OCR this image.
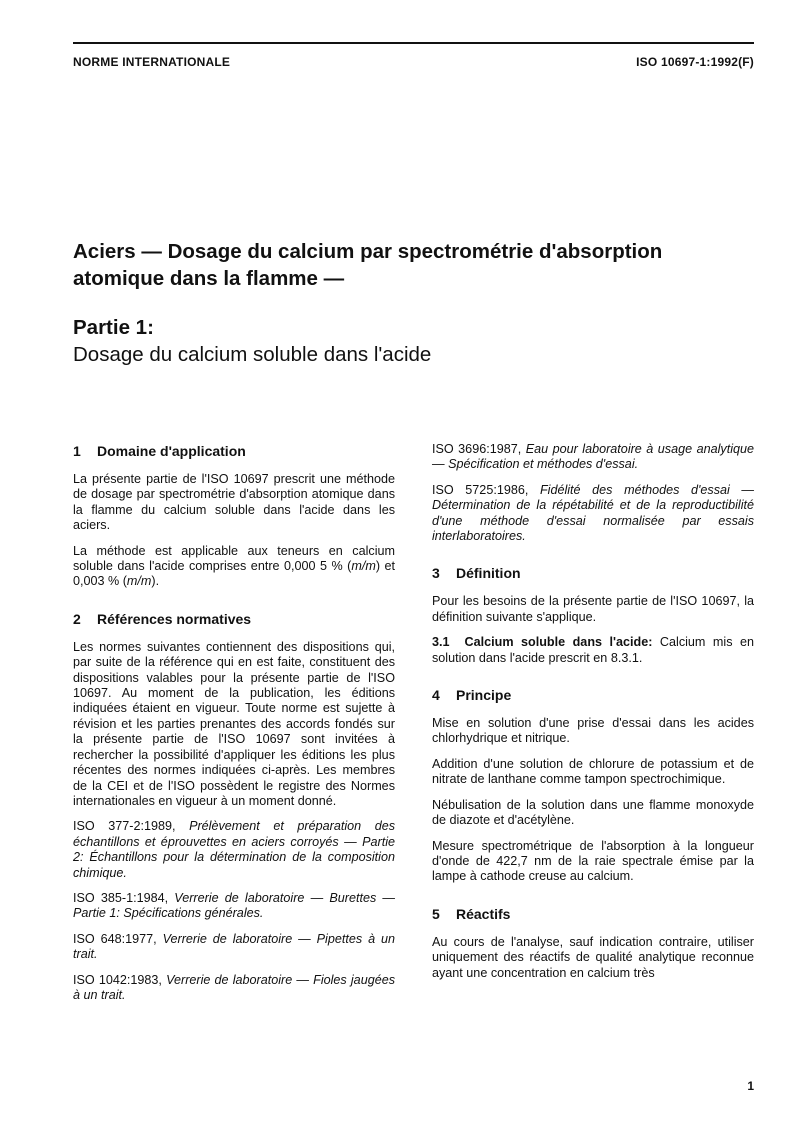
NORME INTERNATIONALE	ISO 10697-1:1992(F)
Aciers — Dosage du calcium par spectrométrie d'absorption atomique dans la flamme —
Partie 1:
Dosage du calcium soluble dans l'acide
1 Domaine d'application

La présente partie de l'ISO 10697 prescrit une méthode de dosage par spectrométrie d'absorption atomique dans la flamme du calcium soluble dans l'acide dans les aciers.

La méthode est applicable aux teneurs en calcium soluble dans l'acide comprises entre 0,000 5 % (m/m) et 0,003 % (m/m).

2 Références normatives

Les normes suivantes contiennent des dispositions qui, par suite de la référence qui en est faite, constituent des dispositions valables pour la présente partie de l'ISO 10697. Au moment de la publication, les éditions indiquées étaient en vigueur. Toute norme est sujette à révision et les parties prenantes des accords fondés sur la présente partie de l'ISO 10697 sont invitées à rechercher la possibilité d'appliquer les éditions les plus récentes des normes indiquées ci-après. Les membres de la CEI et de l'ISO possèdent le registre des Normes internationales en vigueur à un moment donné.

ISO 377-2:1989, Prélèvement et préparation des échantillons et éprouvettes en aciers corroyés — Partie 2: Échantillons pour la détermination de la composition chimique.

ISO 385-1:1984, Verrerie de laboratoire — Burettes — Partie 1: Spécifications générales.

ISO 648:1977, Verrerie de laboratoire — Pipettes à un trait.

ISO 1042:1983, Verrerie de laboratoire — Fioles jaugées à un trait.

ISO 3696:1987, Eau pour laboratoire à usage analytique — Spécification et méthodes d'essai.

ISO 5725:1986, Fidélité des méthodes d'essai — Détermination de la répétabilité et de la reproductibilité d'une méthode d'essai normalisée par essais interlaboratoires.

3 Définition

Pour les besoins de la présente partie de l'ISO 10697, la définition suivante s'applique.

3.1 Calcium soluble dans l'acide: Calcium mis en solution dans l'acide prescrit en 8.3.1.

4 Principe

Mise en solution d'une prise d'essai dans les acides chlorhydrique et nitrique.

Addition d'une solution de chlorure de potassium et de nitrate de lanthane comme tampon spectrochimique.

Nébulisation de la solution dans une flamme monoxyde de diazote et d'acétylène.

Mesure spectrométrique de l'absorption à la longueur d'onde de 422,7 nm de la raie spectrale émise par la lampe à cathode creuse au calcium.

5 Réactifs

Au cours de l'analyse, sauf indication contraire, utiliser uniquement des réactifs de qualité analytique reconnue ayant une concentration en calcium très

1
